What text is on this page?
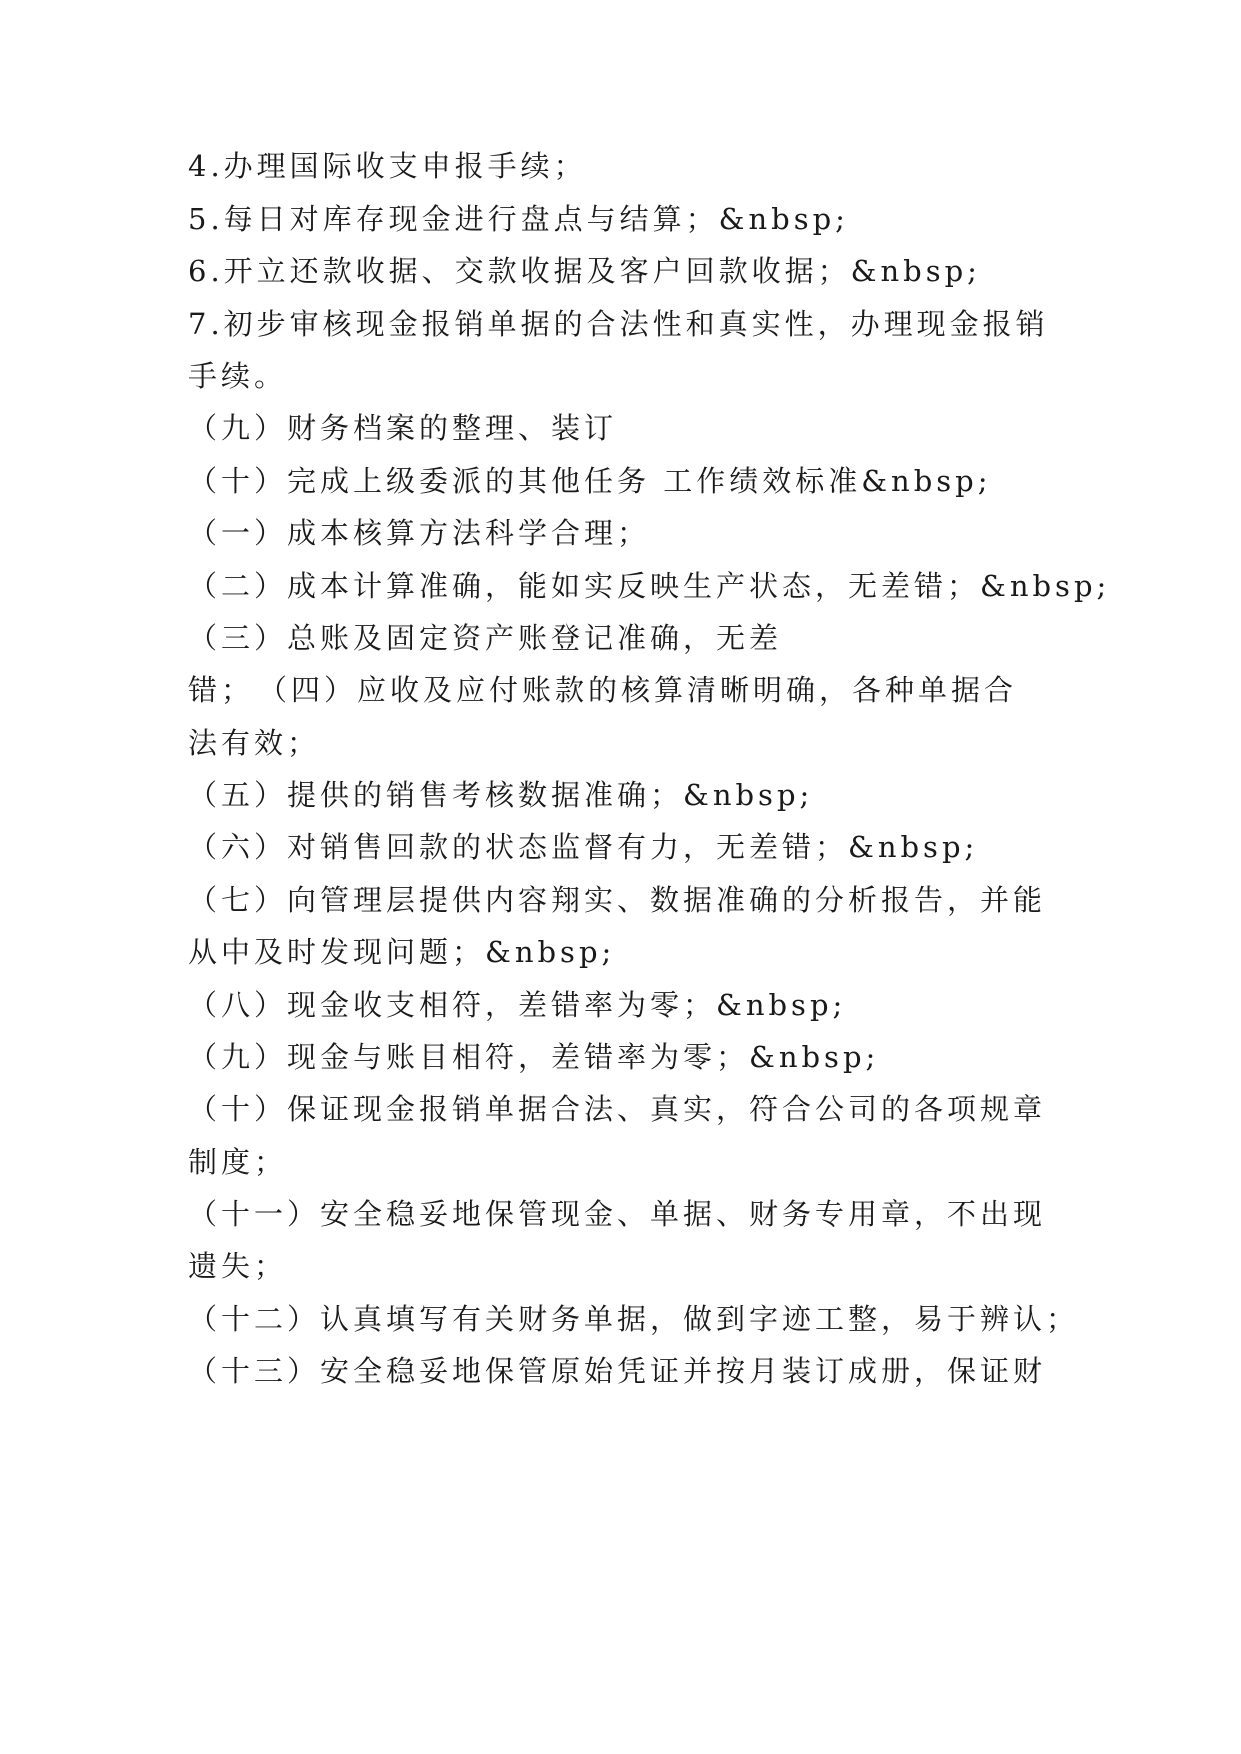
4.办理国际收支申报手续；
5.每日对库存现金进行盘点与结算；&nbsp;
6.开立还款收据、交款收据及客户回款收据；&nbsp;
7.初步审核现金报销单据的合法性和真实性，办理现金报销
手续。
（九）财务档案的整理、装订
（十）完成上级委派的其他任务 工作绩效标准&nbsp;
（一）成本核算方法科学合理；
（二）成本计算准确，能如实反映生产状态，无差错；&nbsp;
（三）总账及固定资产账登记准确，无差
错；　（四）应收及应付账款的核算清晰明确，各种单据合
法有效；
（五）提供的销售考核数据准确；&nbsp;
（六）对销售回款的状态监督有力，无差错；&nbsp;
（七）向管理层提供内容翔实、数据准确的分析报告，并能
从中及时发现问题；&nbsp;
（八）现金收支相符，差错率为零；&nbsp;
（九）现金与账目相符，差错率为零；&nbsp;
（十）保证现金报销单据合法、真实，符合公司的各项规章
制度；
（十一）安全稳妥地保管现金、单据、财务专用章，不出现
遗失；
（十二）认真填写有关财务单据，做到字迹工整，易于辨认；
（十三）安全稳妥地保管原始凭证并按月装订成册，保证财
